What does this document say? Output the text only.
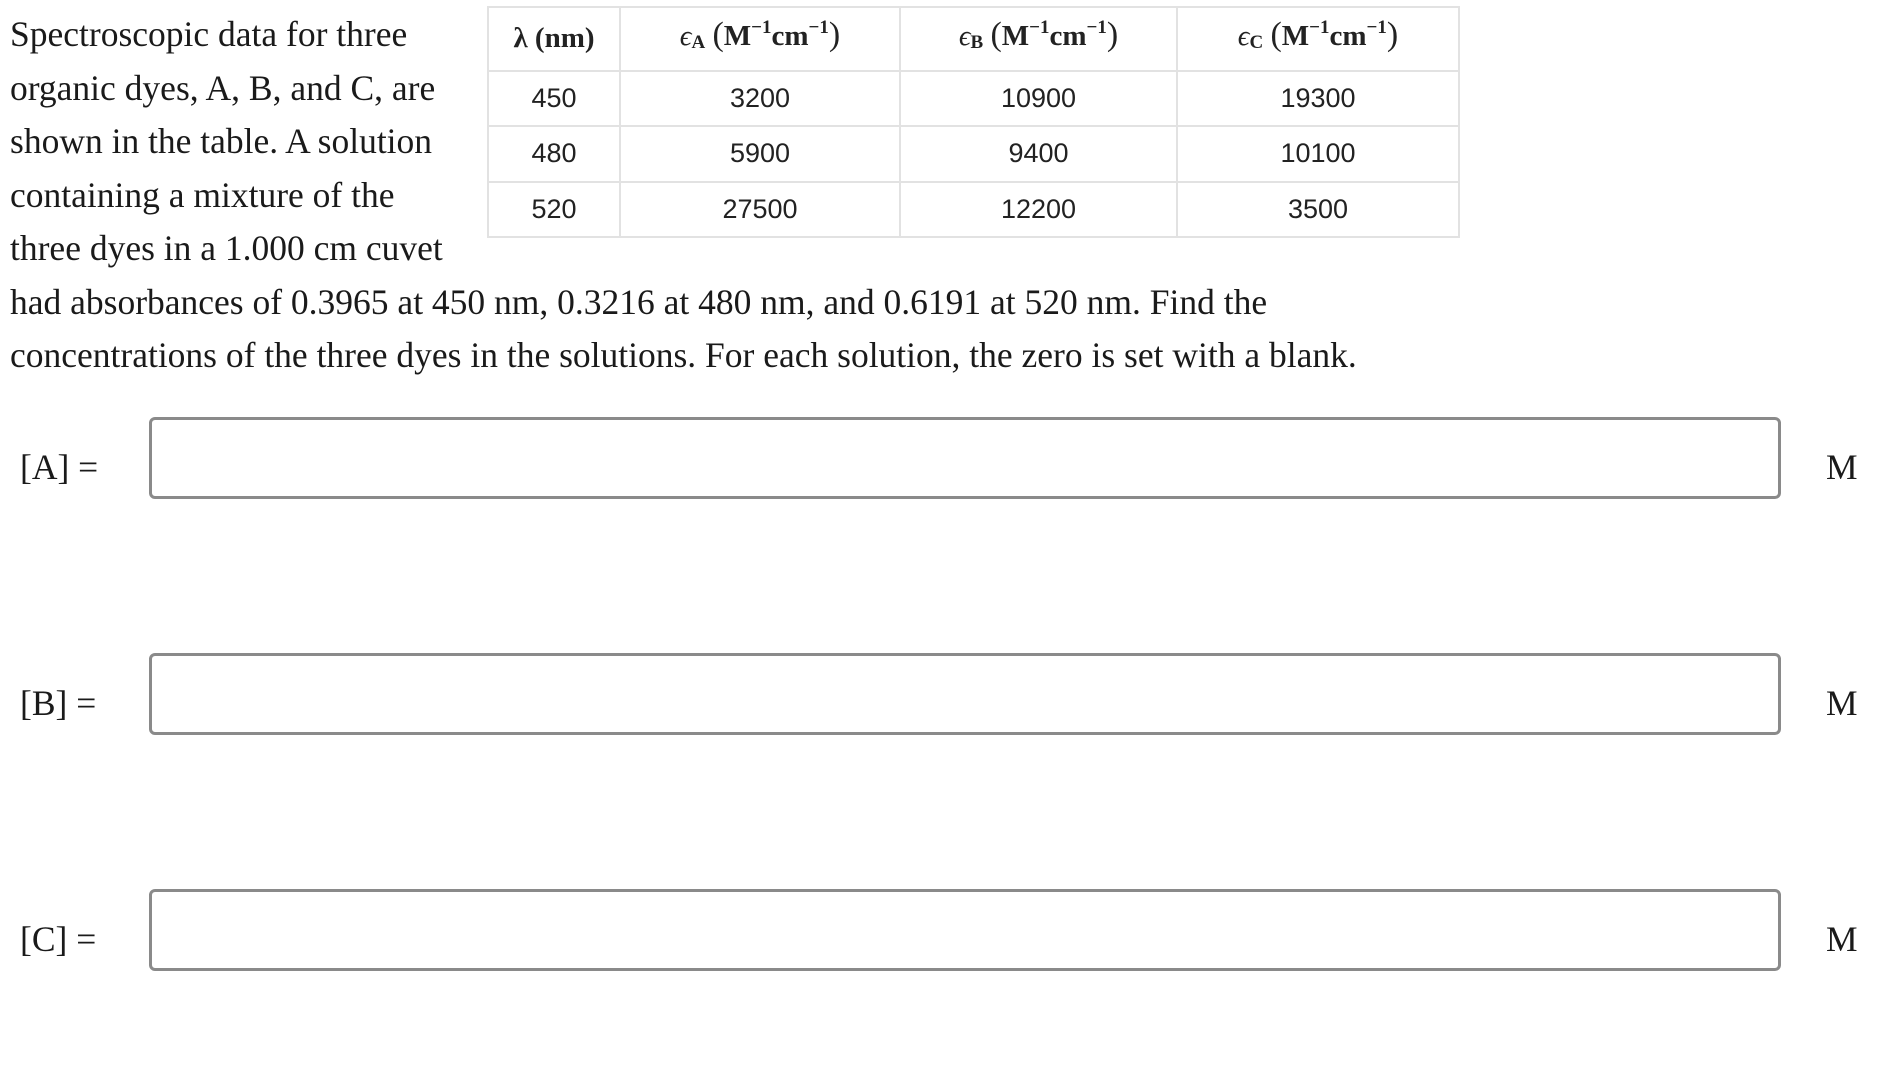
λ (nm)	$\epsilon_A$ $(M^{-1}cm^{-1})$	$\epsilon_B$ $(M^{-1}cm^{-1})$	$\epsilon_C$ $(M^{-1}cm^{-1})$
450	3200	10900	19300
480	5900	9400	10100
520	27500	12200	3500
Spectroscopic data for three organic dyes, A, B, and C, are shown in the table. A solution containing a mixture of the three dyes in a 1.000 cm cuvet had absorbances of 0.3965 at 450 nm, 0.3216 at 480 nm, and 0.6191 at 520 nm. Find the concentrations of the three dyes in the solutions. For each solution, the zero is set with a blank.
[A] =	M
[B] =	M
[C] =	M
